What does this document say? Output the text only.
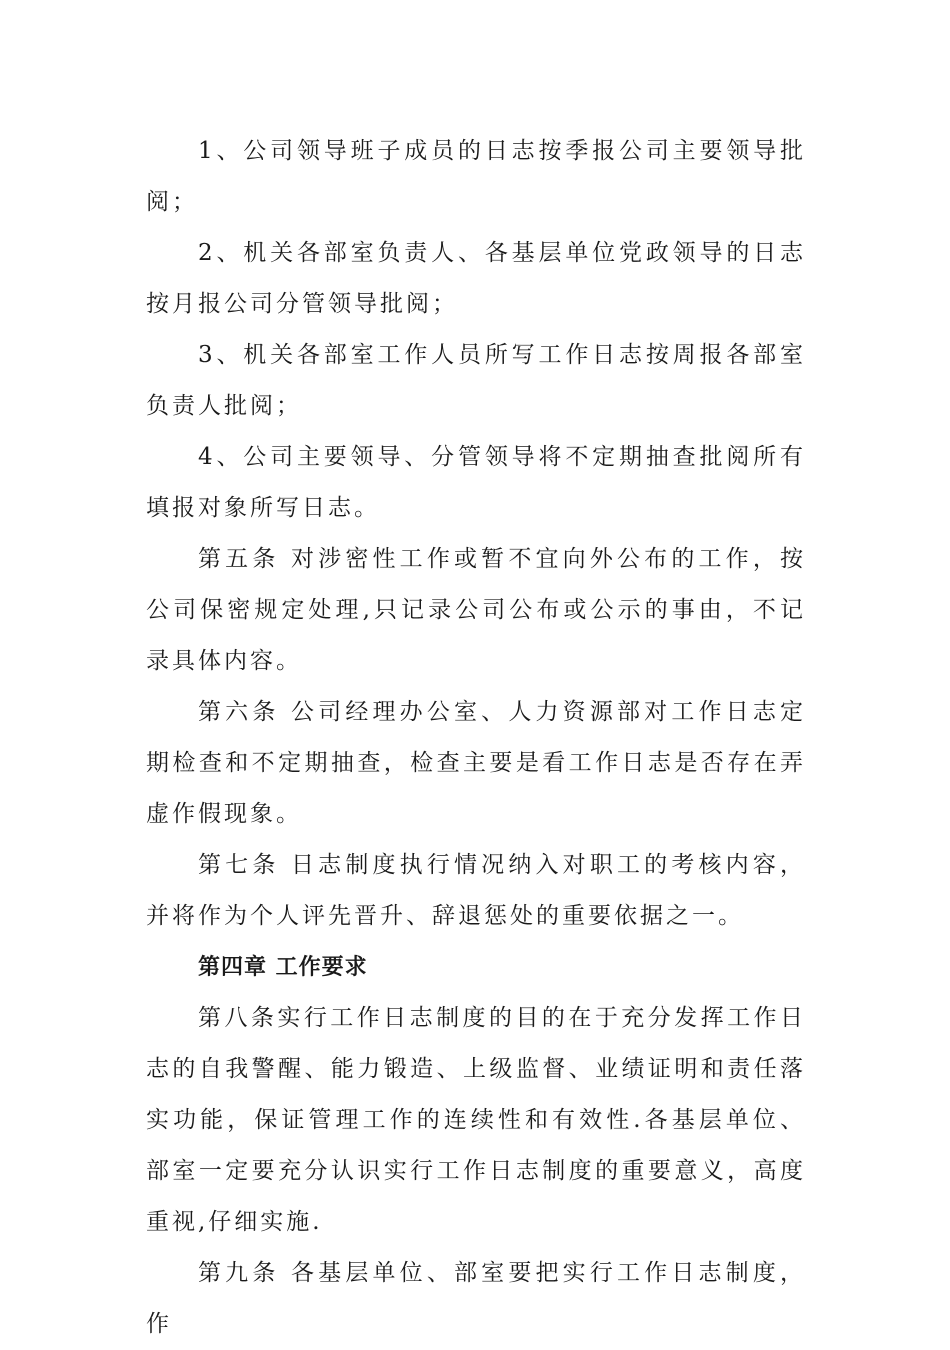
1、公司领导班子成员的日志按季报公司主要领导批阅；

2、机关各部室负责人、各基层单位党政领导的日志按月报公司分管领导批阅；

3、机关各部室工作人员所写工作日志按周报各部室负责人批阅；

4、公司主要领导、分管领导将不定期抽查批阅所有填报对象所写日志。

第五条 对涉密性工作或暂不宜向外公布的工作，按公司保密规定处理,只记录公司公布或公示的事由，不记录具体内容。

第六条 公司经理办公室、人力资源部对工作日志定期检查和不定期抽查，检查主要是看工作日志是否存在弄虚作假现象。

第七条 日志制度执行情况纳入对职工的考核内容，并将作为个人评先晋升、辞退惩处的重要依据之一。

第四章 工作要求

第八条实行工作日志制度的目的在于充分发挥工作日志的自我警醒、能力锻造、上级监督、业绩证明和责任落实功能，保证管理工作的连续性和有效性.各基层单位、部室一定要充分认识实行工作日志制度的重要意义，高度重视,仔细实施.

第九条 各基层单位、部室要把实行工作日志制度，作
